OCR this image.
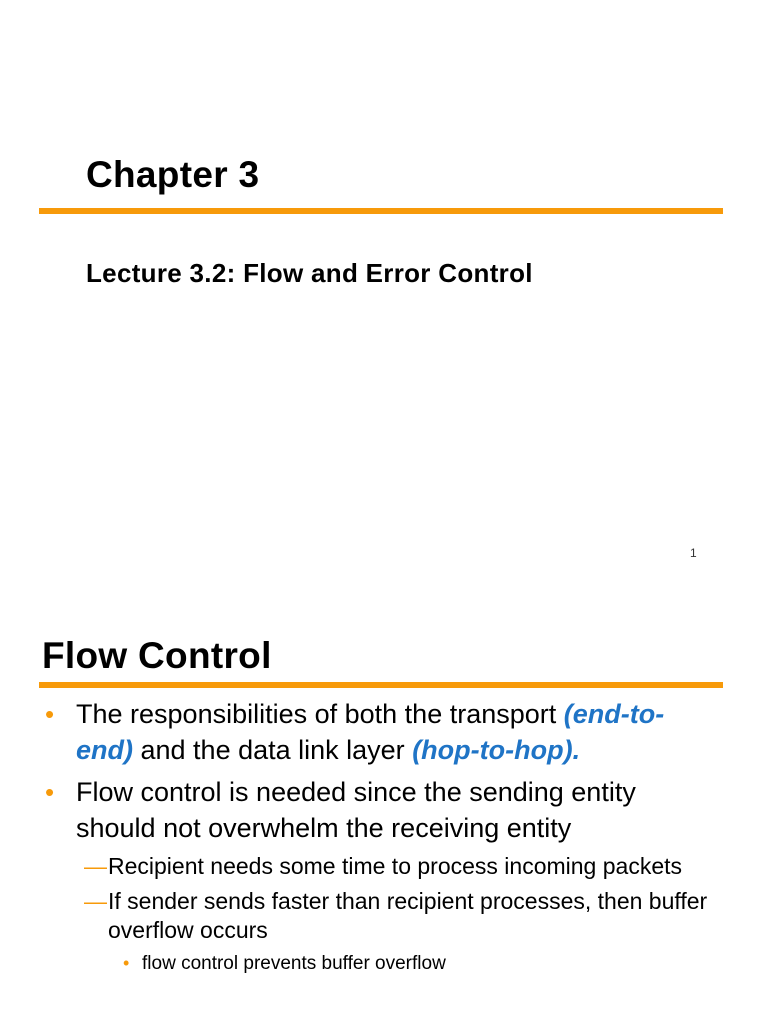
Chapter 3
Lecture 3.2: Flow and Error Control
1
Flow Control
• The responsibilities of both the transport (end-to-end) and the data link layer (hop-to-hop).
• Flow control is needed since the sending entity should not overwhelm the receiving entity
— Recipient needs some time to process incoming packets
— If sender sends faster than recipient processes, then buffer overflow occurs
• flow control prevents buffer overflow
